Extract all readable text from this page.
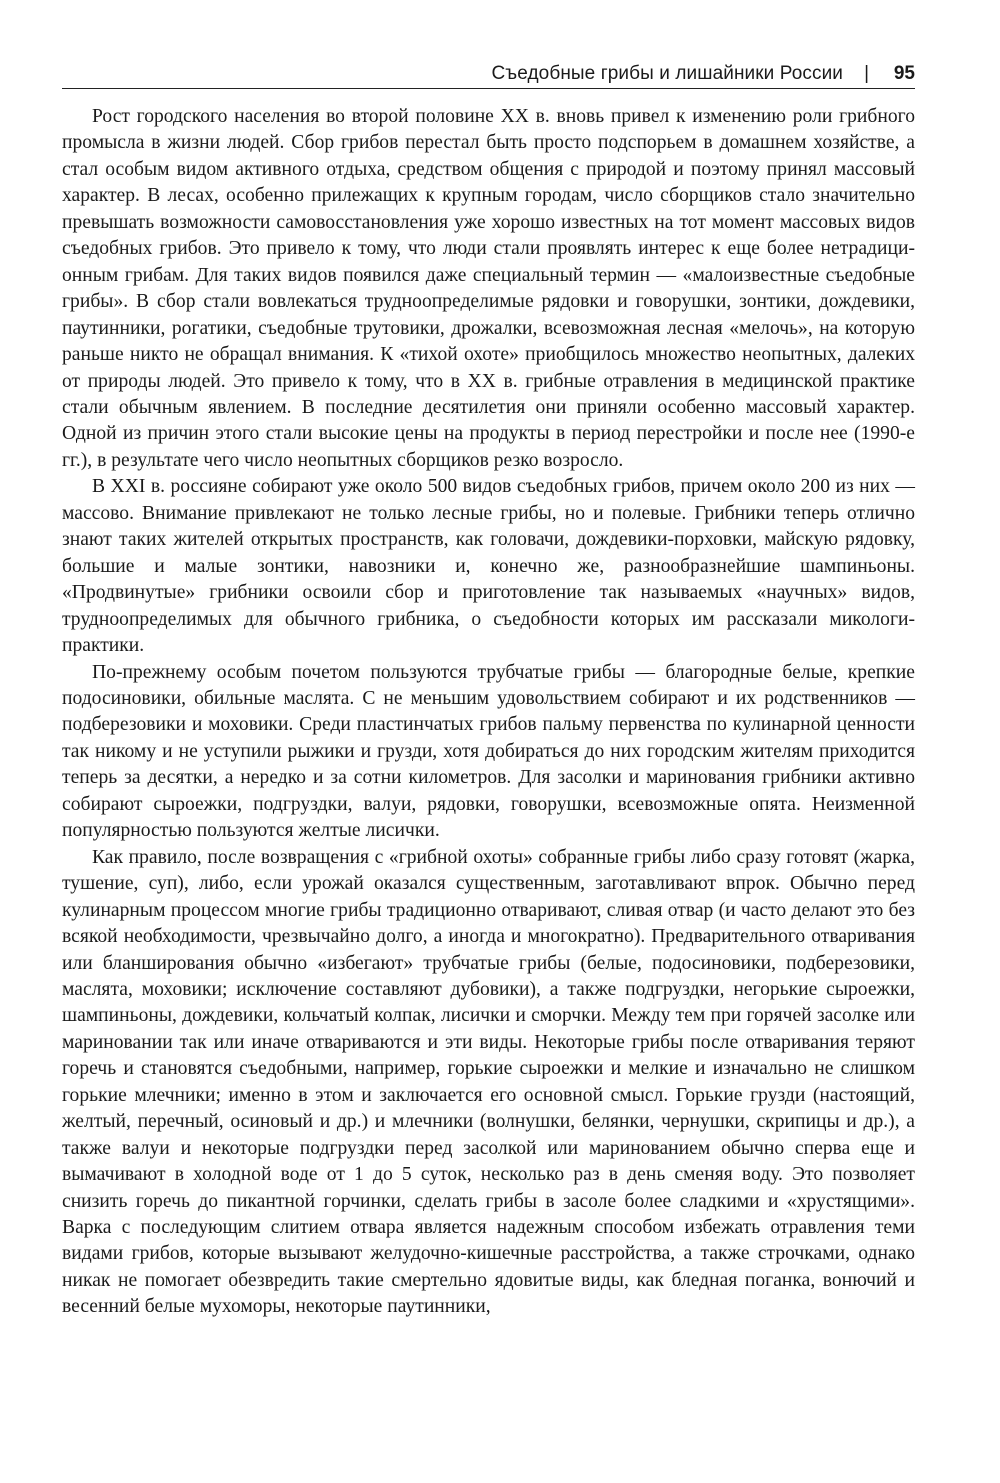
Съедобные грибы и лишайники России | 95

Рост городского населения во второй половине XX в. вновь привел к изменению роли грибного промысла в жизни людей. Сбор грибов перестал быть просто подспорьем в домашнем хозяйстве, а стал особым видом активного отдыха, средством общения с природой и поэтому принял массовый характер. В лесах, особенно прилежащих к крупным городам, число сборщиков стало значительно превышать возможности самовосстановления уже хорошо известных на тот момент массовых видов съедобных грибов. Это привело к тому, что люди стали проявлять интерес к еще более нетрадиционным грибам. Для таких видов появился даже специальный термин — «малоизвестные съедобные грибы». В сбор стали вовлекаться трудноопределимые рядовки и говорушки, зонтики, дождевики, паутинники, рогатики, съедобные трутовики, дрожалки, всевозможная лесная «мелочь», на которую раньше никто не обращал внимания. К «тихой охоте» приобщилось множество неопытных, далеких от природы людей. Это привело к тому, что в XX в. грибные отравления в медицинской практике стали обычным явлением. В последние десятилетия они приняли особенно массовый характер. Одной из причин этого стали высокие цены на продукты в период перестройки и после нее (1990-е гг.), в результате чего число неопытных сборщиков резко возросло.

В XXI в. россияне собирают уже около 500 видов съедобных грибов, причем около 200 из них — массово. Внимание привлекают не только лесные грибы, но и полевые. Грибники теперь отлично знают таких жителей открытых пространств, как головачи, дождевики-порховки, майскую рядовку, большие и малые зонтики, навозники и, конечно же, разнообразнейшие шампиньоны. «Продвинутые» грибники освоили сбор и приготовление так называемых «научных» видов, трудноопределимых для обычного грибника, о съедобности которых им рассказали микологи-практики.

По-прежнему особым почетом пользуются трубчатые грибы — благородные белые, крепкие подосиновики, обильные маслята. С не меньшим удовольствием собирают и их родственников — подберезовики и моховики. Среди пластинчатых грибов пальму первенства по кулинарной ценности так никому и не уступили рыжики и грузди, хотя добираться до них городским жителям приходится теперь за десятки, а нередко и за сотни километров. Для засолки и маринования грибники активно собирают сыроежки, подгруздки, валуи, рядовки, говорушки, всевозможные опята. Неизменной популярностью пользуются желтые лисички.

Как правило, после возвращения с «грибной охоты» собранные грибы либо сразу готовят (жарка, тушение, суп), либо, если урожай оказался существенным, заготавливают впрок. Обычно перед кулинарным процессом многие грибы традиционно отваривают, сливая отвар (и часто делают это без всякой необходимости, чрезвычайно долго, а иногда и многократно). Предварительного отваривания или бланширования обычно «избегают» трубчатые грибы (белые, подосиновики, подберезовики, маслята, моховики; исключение составляют дубовики), а также подгруздки, негорькие сыроежки, шампиньоны, дождевики, кольчатый колпак, лисички и сморчки. Между тем при горячей засолке или мариновании так или иначе отвариваются и эти виды. Некоторые грибы после отваривания теряют горечь и становятся съедобными, например, горькие сыроежки и мелкие и изначально не слишком горькие млечники; именно в этом и заключается его основной смысл. Горькие грузди (настоящий, желтый, перечный, осиновый и др.) и млечники (волнушки, белянки, чернушки, скрипицы и др.), а также валуи и некоторые подгруздки перед засолкой или маринованием обычно сперва еще и вымачивают в холодной воде от 1 до 5 суток, несколько раз в день сменяя воду. Это позволяет снизить горечь до пикантной горчинки, сделать грибы в засоле более сладкими и «хрустящими». Варка с последующим слитием отвара является надежным способом избежать отравления теми видами грибов, которые вызывают желудочно-кишечные расстройства, а также строчками, однако никак не помогает обезвредить такие смертельно ядовитые виды, как бледная поганка, вонючий и весенний белые мухоморы, некоторые паутинники,
